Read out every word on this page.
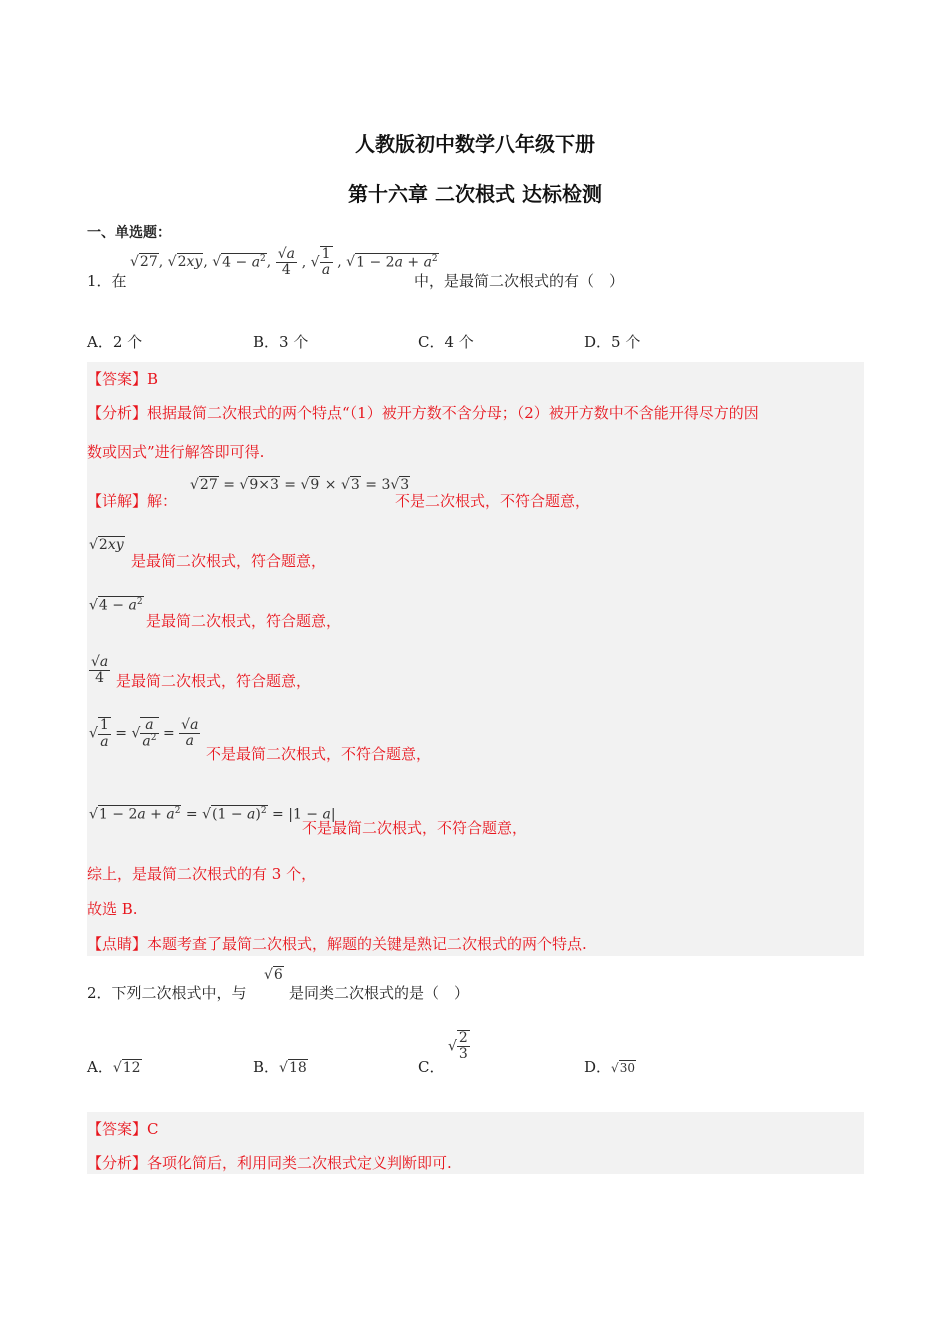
人教版初中数学八年级下册
第十六章 二次根式 达标检测
一、单选题：
1．在
√27, √2xy, $√4 - a^2$, $\frac{√a}{4}$ , √ $\frac{1}{a}$ , $√1 - 2a + a^2$
中，是最简二次根式的有（　）
A．2 个	B．3 个	C．4 个	D．5 个
【答案】B
【分析】根据最简二次根式的两个特点“（1）被开方数不含分母；（2）被开方数中不含能开得尽方的因
数或因式”进行解答即可得.
【详解】解：
√27 = √9×3 = √9 × √3 = 3√3
不是二次根式，不符合题意，
√2xy
是最简二次根式，符合题意，
$√4 - a^2$
是最简二次根式，符合题意，
$\frac{√a}{4}$ 是最简二次根式，符合题意，
√ $\frac{1}{a}$ = √ $\frac{a}{a^2} = \frac{√a}{a}$
不是最简二次根式，不符合题意，
$√1 - 2a + a^2 = √(1 - a)^2 = |1 - a|$
不是最简二次根式，不符合题意，
综上，是最简二次根式的有 3 个，
故选 B.
【点睛】本题考查了最简二次根式，解题的关键是熟记二次根式的两个特点.
2．下列二次根式中，与
√6
是同类二次根式的是（　）
A．√12	B．√18	C．
√ $\frac{2}{3}$
D．√30
【答案】C
【分析】各项化简后，利用同类二次根式定义判断即可.
